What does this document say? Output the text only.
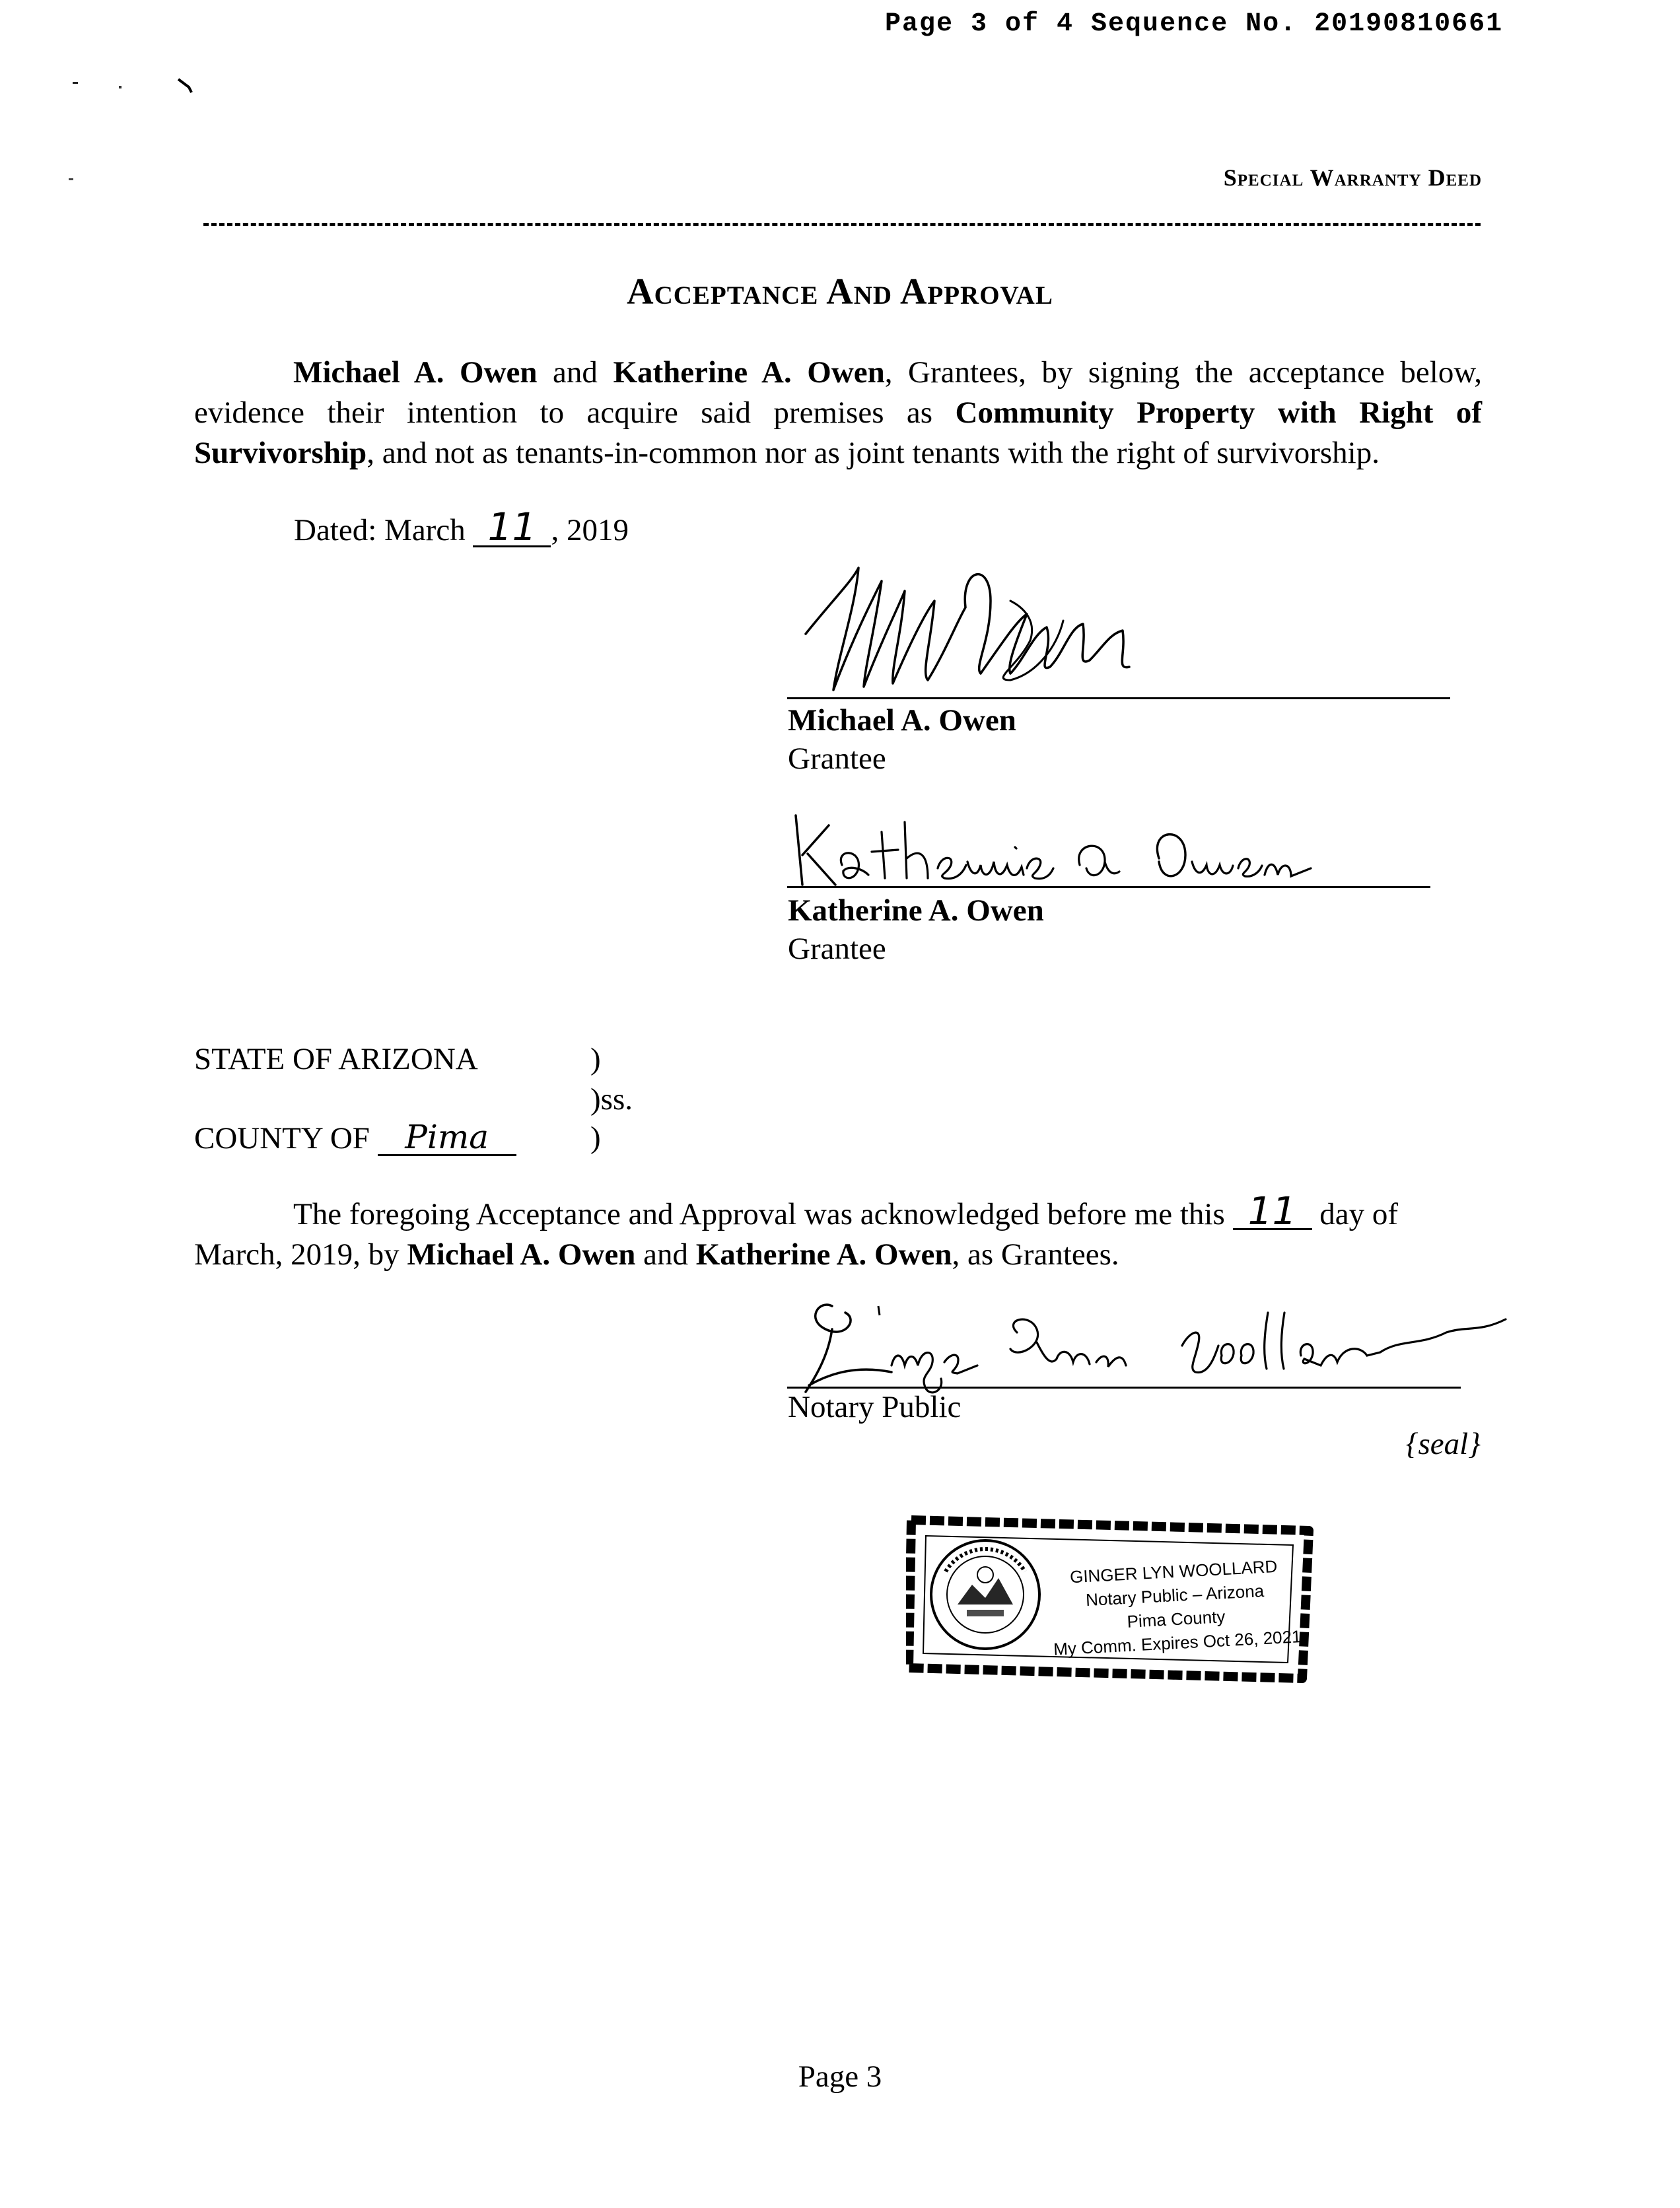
Page 3 of 4 Sequence No. 20190810661
Special Warranty Deed
Acceptance And Approval
Michael A. Owen and Katherine A. Owen, Grantees, by signing the acceptance below, evidence their intention to acquire said premises as Community Property with Right of Survivorship, and not as tenants-in-common nor as joint tenants with the right of survivorship.
Dated: March 11 , 2019
Michael A. Owen
Grantee
Katherine A. Owen
Grantee
STATE OF ARIZONA	)
)ss.
COUNTY OF Pima	)
The foregoing Acceptance and Approval was acknowledged before me this 11 day of March, 2019, by Michael A. Owen and Katherine A. Owen, as Grantees.
Notary Public
{seal}
GINGER LYN WOOLLARD
Notary Public – Arizona
Pima County
My Comm. Expires Oct 26, 2021
Page 3
